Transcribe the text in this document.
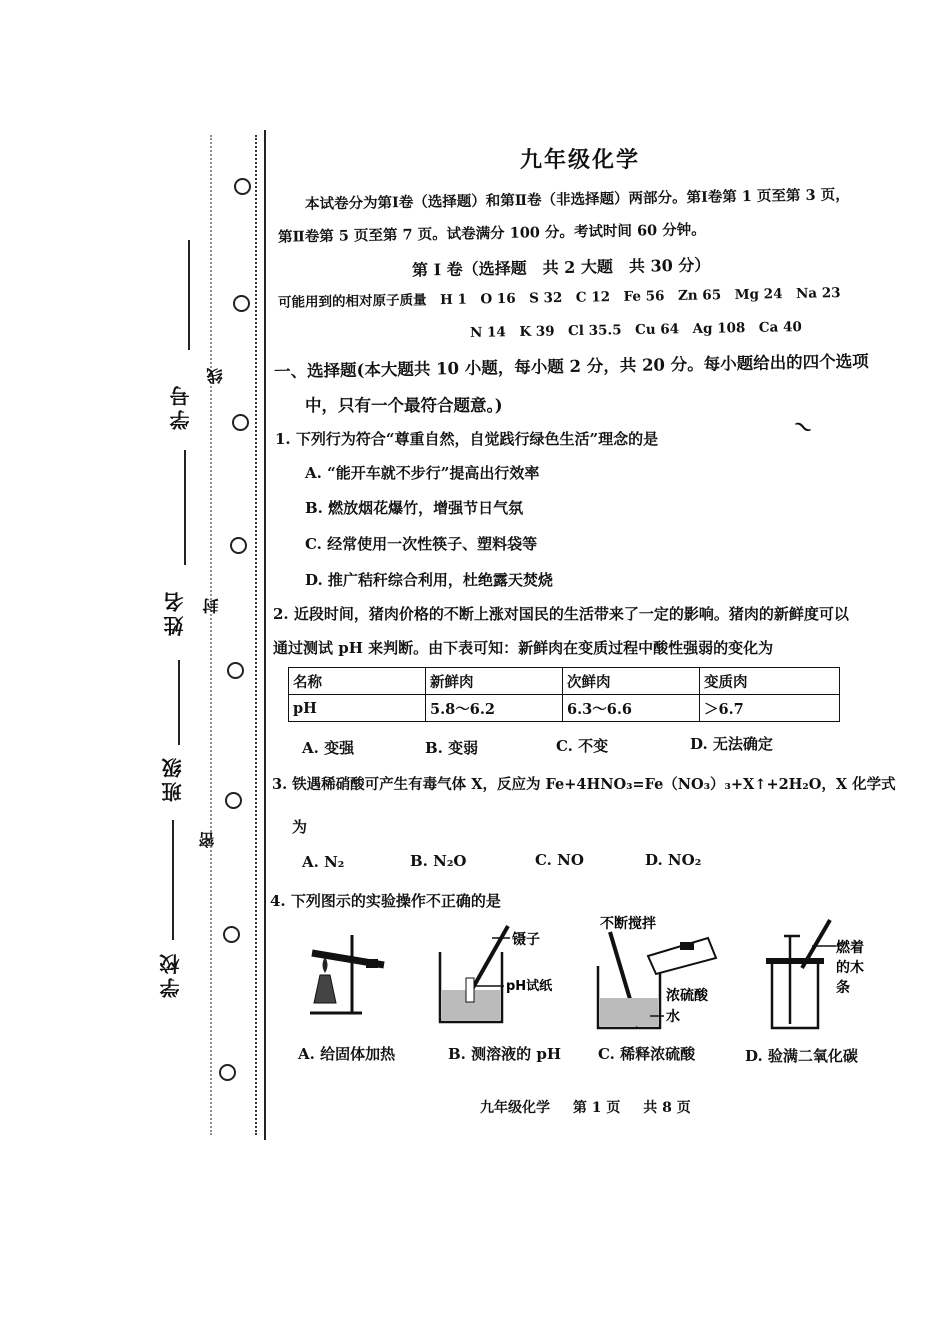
学号
姓名
班级
学校
线
封
密
九年级化学
本试卷分为第Ⅰ卷（选择题）和第Ⅱ卷（非选择题）两部分。第Ⅰ卷第 1 页至第 3 页，
第Ⅱ卷第 5 页至第 7 页。试卷满分 100 分。考试时间 60 分钟。
第 Ⅰ 卷（选择题　共 2 大题　共 30 分）
可能用到的相对原子质量　H 1　O 16　S 32　C 12　Fe 56　Zn 65　Mg 24　Na 23
N 14　K 39　Cl 35.5　Cu 64　Ag 108　Ca 40
一、选择题(本大题共 10 小题，每小题 2 分，共 20 分。每小题给出的四个选项
中，只有一个最符合题意。)
~
1. 下列行为符合“尊重自然，自觉践行绿色生活”理念的是
A. “能开车就不步行”提高出行效率
B. 燃放烟花爆竹，增强节日气氛
C. 经常使用一次性筷子、塑料袋等
D. 推广秸秆综合利用，杜绝露天焚烧
2. 近段时间，猪肉价格的不断上涨对国民的生活带来了一定的影响。猪肉的新鲜度可以
通过测试 pH 来判断。由下表可知：新鲜肉在变质过程中酸性强弱的变化为
名称	新鲜肉	次鲜肉	变质肉
pH	5.8～6.2	6.3～6.6	＞6.7
A. 变强	B. 变弱	C. 不变	D. 无法确定
3. 铁遇稀硝酸可产生有毒气体 X，反应为 Fe+4HNO₃=Fe（NO₃）₃+X↑+2H₂O，X 化学式
为
A. N₂	B. N₂O	C. NO	D. NO₂
4. 下列图示的实验操作不正确的是
镊子
pH试纸
不断搅拌
浓硫酸
水
燃着
的木
条
A. 给固体加热	B. 测溶液的 pH C. 稀释浓硫酸	D. 验满二氧化碳
九年级化学 第 1 页 共 8 页
